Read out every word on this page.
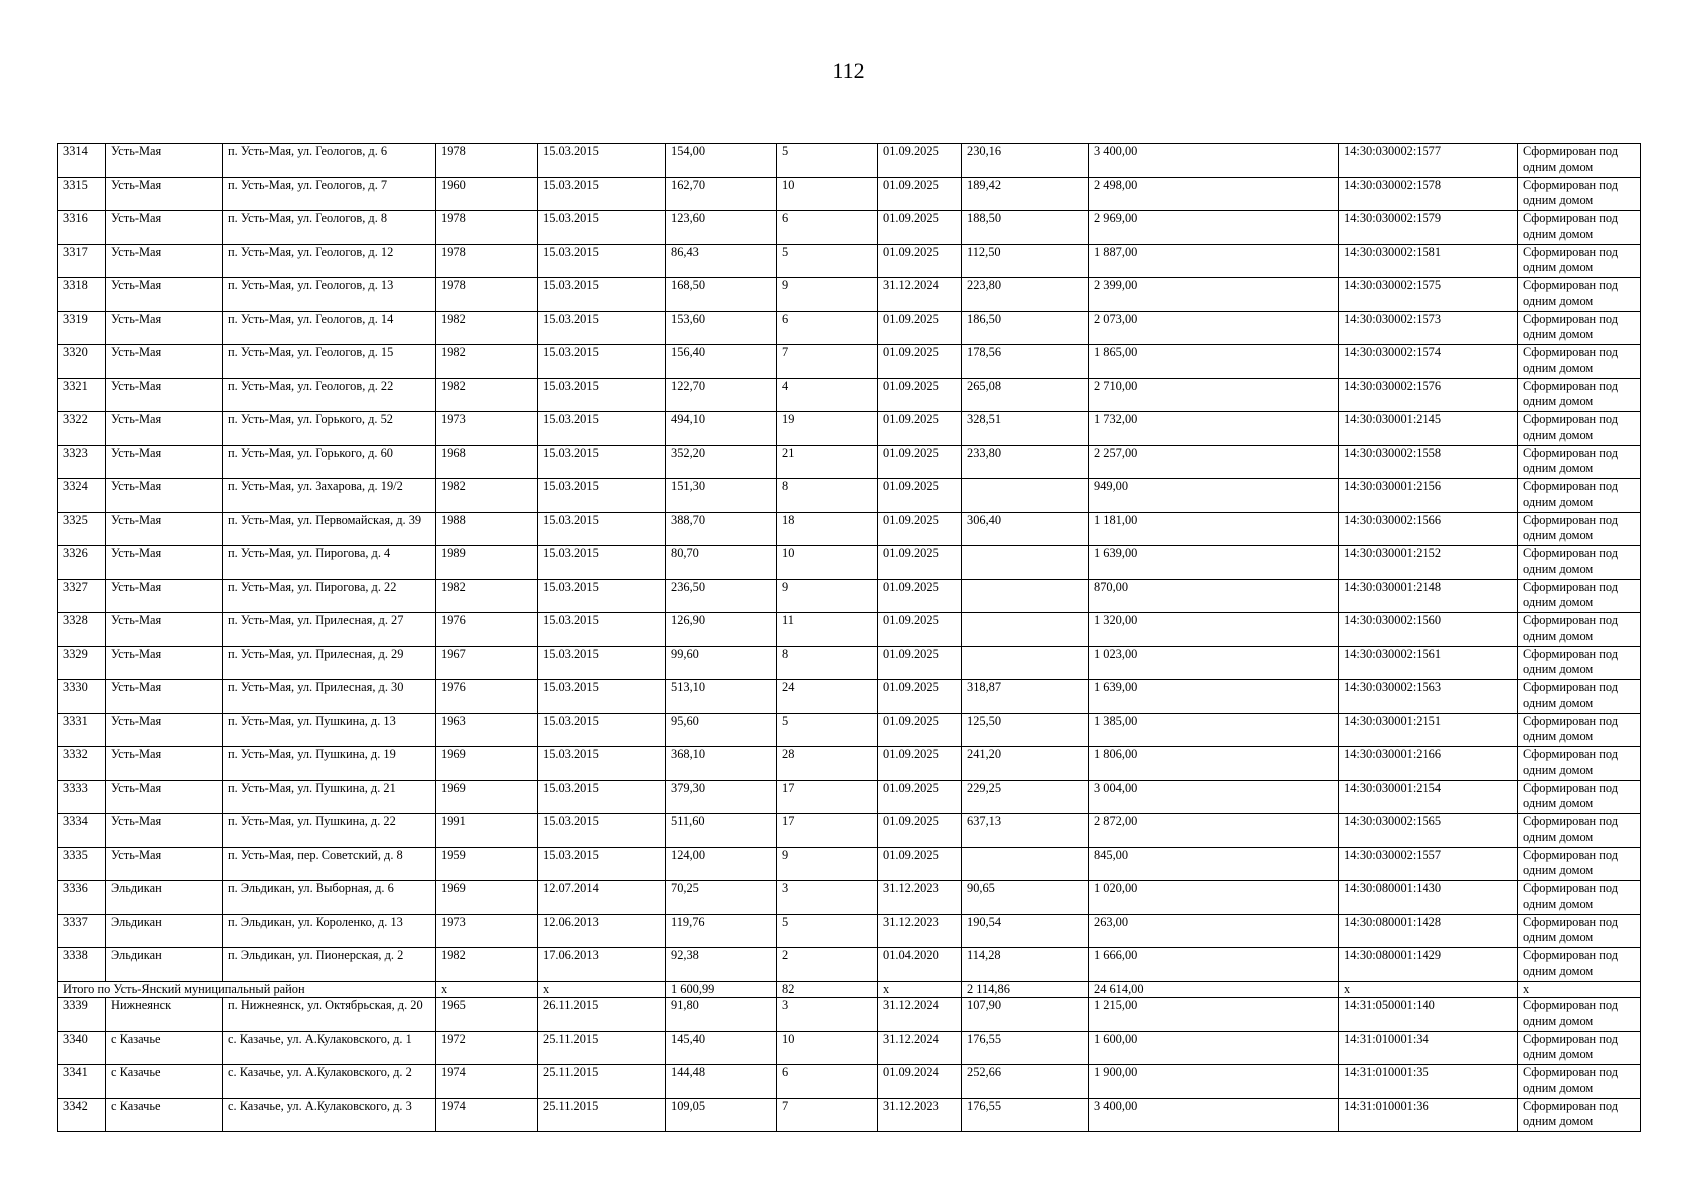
112
3314	Усть-Мая	п. Усть-Мая, ул. Геологов, д. 6	1978	15.03.2015	154,00	5	01.09.2025	230,16	3 400,00	14:30:030002:1577	Сформирован под одним домом
3315	Усть-Мая	п. Усть-Мая, ул. Геологов, д. 7	1960	15.03.2015	162,70	10	01.09.2025	189,42	2 498,00	14:30:030002:1578	Сформирован под одним домом
3316	Усть-Мая	п. Усть-Мая, ул. Геологов, д. 8	1978	15.03.2015	123,60	6	01.09.2025	188,50	2 969,00	14:30:030002:1579	Сформирован под одним домом
3317	Усть-Мая	п. Усть-Мая, ул. Геологов, д. 12	1978	15.03.2015	86,43	5	01.09.2025	112,50	1 887,00	14:30:030002:1581	Сформирован под одним домом
3318	Усть-Мая	п. Усть-Мая, ул. Геологов, д. 13	1978	15.03.2015	168,50	9	31.12.2024	223,80	2 399,00	14:30:030002:1575	Сформирован под одним домом
3319	Усть-Мая	п. Усть-Мая, ул. Геологов, д. 14	1982	15.03.2015	153,60	6	01.09.2025	186,50	2 073,00	14:30:030002:1573	Сформирован под одним домом
3320	Усть-Мая	п. Усть-Мая, ул. Геологов, д. 15	1982	15.03.2015	156,40	7	01.09.2025	178,56	1 865,00	14:30:030002:1574	Сформирован под одним домом
3321	Усть-Мая	п. Усть-Мая, ул. Геологов, д. 22	1982	15.03.2015	122,70	4	01.09.2025	265,08	2 710,00	14:30:030002:1576	Сформирован под одним домом
3322	Усть-Мая	п. Усть-Мая, ул. Горького, д. 52	1973	15.03.2015	494,10	19	01.09.2025	328,51	1 732,00	14:30:030001:2145	Сформирован под одним домом
3323	Усть-Мая	п. Усть-Мая, ул. Горького, д. 60	1968	15.03.2015	352,20	21	01.09.2025	233,80	2 257,00	14:30:030002:1558	Сформирован под одним домом
3324	Усть-Мая	п. Усть-Мая, ул. Захарова, д. 19/2	1982	15.03.2015	151,30	8	01.09.2025		949,00	14:30:030001:2156	Сформирован под одним домом
3325	Усть-Мая	п. Усть-Мая, ул. Первомайская, д. 39	1988	15.03.2015	388,70	18	01.09.2025	306,40	1 181,00	14:30:030002:1566	Сформирован под одним домом
3326	Усть-Мая	п. Усть-Мая, ул. Пирогова, д. 4	1989	15.03.2015	80,70	10	01.09.2025		1 639,00	14:30:030001:2152	Сформирован под одним домом
3327	Усть-Мая	п. Усть-Мая, ул. Пирогова, д. 22	1982	15.03.2015	236,50	9	01.09.2025		870,00	14:30:030001:2148	Сформирован под одним домом
3328	Усть-Мая	п. Усть-Мая, ул. Прилесная, д. 27	1976	15.03.2015	126,90	11	01.09.2025		1 320,00	14:30:030002:1560	Сформирован под одним домом
3329	Усть-Мая	п. Усть-Мая, ул. Прилесная, д. 29	1967	15.03.2015	99,60	8	01.09.2025		1 023,00	14:30:030002:1561	Сформирован под одним домом
3330	Усть-Мая	п. Усть-Мая, ул. Прилесная, д. 30	1976	15.03.2015	513,10	24	01.09.2025	318,87	1 639,00	14:30:030002:1563	Сформирован под одним домом
3331	Усть-Мая	п. Усть-Мая, ул. Пушкина, д. 13	1963	15.03.2015	95,60	5	01.09.2025	125,50	1 385,00	14:30:030001:2151	Сформирован под одним домом
3332	Усть-Мая	п. Усть-Мая, ул. Пушкина, д. 19	1969	15.03.2015	368,10	28	01.09.2025	241,20	1 806,00	14:30:030001:2166	Сформирован под одним домом
3333	Усть-Мая	п. Усть-Мая, ул. Пушкина, д. 21	1969	15.03.2015	379,30	17	01.09.2025	229,25	3 004,00	14:30:030001:2154	Сформирован под одним домом
3334	Усть-Мая	п. Усть-Мая, ул. Пушкина, д. 22	1991	15.03.2015	511,60	17	01.09.2025	637,13	2 872,00	14:30:030002:1565	Сформирован под одним домом
3335	Усть-Мая	п. Усть-Мая, пер. Советский, д. 8	1959	15.03.2015	124,00	9	01.09.2025		845,00	14:30:030002:1557	Сформирован под одним домом
3336	Эльдикан	п. Эльдикан, ул. Выборная, д. 6	1969	12.07.2014	70,25	3	31.12.2023	90,65	1 020,00	14:30:080001:1430	Сформирован под одним домом
3337	Эльдикан	п. Эльдикан, ул. Короленко, д. 13	1973	12.06.2013	119,76	5	31.12.2023	190,54	263,00	14:30:080001:1428	Сформирован под одним домом
3338	Эльдикан	п. Эльдикан, ул. Пионерская, д. 2	1982	17.06.2013	92,38	2	01.04.2020	114,28	1 666,00	14:30:080001:1429	Сформирован под одним домом
Итого по Усть-Янский муниципальный район			х	х	1 600,99	82	х	2 114,86	24 614,00	х	х
3339	Нижнеянск	п. Нижнеянск, ул. Октябрьская, д. 20	1965	26.11.2015	91,80	3	31.12.2024	107,90	1 215,00	14:31:050001:140	Сформирован под одним домом
3340	с Казачье	с. Казачье, ул. А.Кулаковского, д. 1	1972	25.11.2015	145,40	10	31.12.2024	176,55	1 600,00	14:31:010001:34	Сформирован под одним домом
3341	с Казачье	с. Казачье, ул. А.Кулаковского, д. 2	1974	25.11.2015	144,48	6	01.09.2024	252,66	1 900,00	14:31:010001:35	Сформирован под одним домом
3342	с Казачье	с. Казачье, ул. А.Кулаковского, д. 3	1974	25.11.2015	109,05	7	31.12.2023	176,55	3 400,00	14:31:010001:36	Сформирован под одним домом
